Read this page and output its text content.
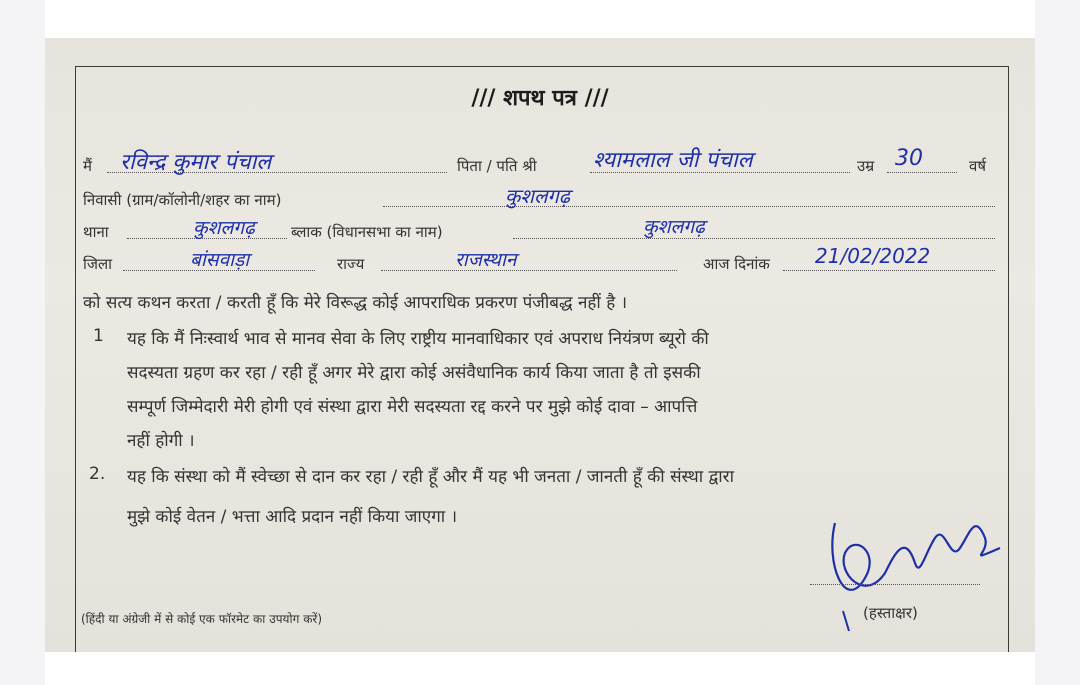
/// शपथ पत्र ///
मैं रविन्द्र कुमार पंचाल	पिता / पति श्री	श्यामलाल जी पंचाल	उम्र 30	वर्ष
निवासी (ग्राम/कॉलोनी/शहर का नाम)	कुशलगढ़
थाना	कुशलगढ़ ब्लाक (विधानसभा का नाम)	कुशलगढ़
जिला	बांसवाड़ा	राज्य	राजस्थान	आज दिनांक 21/02/2022
को सत्य कथन करता / करती हूँ कि मेरे विरूद्ध कोई आपराधिक प्रकरण पंजीबद्ध नहीं है ।
1 यह कि मैं निःस्वार्थ भाव से मानव सेवा के लिए राष्ट्रीय मानवाधिकार एवं अपराध नियंत्रण ब्यूरो की
सदस्यता ग्रहण कर रहा / रही हूँ अगर मेरे द्वारा कोई असंवैधानिक कार्य किया जाता है तो इसकी
सम्पूर्ण जिम्मेदारी मेरी होगी एवं संस्था द्वारा मेरी सदस्यता रद्द करने पर मुझे कोई दावा – आपत्ति
नहीं होगी ।
2. यह कि संस्था को मैं स्वेच्छा से दान कर रहा / रही हूँ और मैं यह भी जनता / जानती हूँ की संस्था द्वारा
मुझे कोई वेतन / भत्ता आदि प्रदान नहीं किया जाएगा ।
(हिंदी या अंग्रेजी में से कोई एक फॉरमेट का उपयोग करें)	(हस्ताक्षर)
